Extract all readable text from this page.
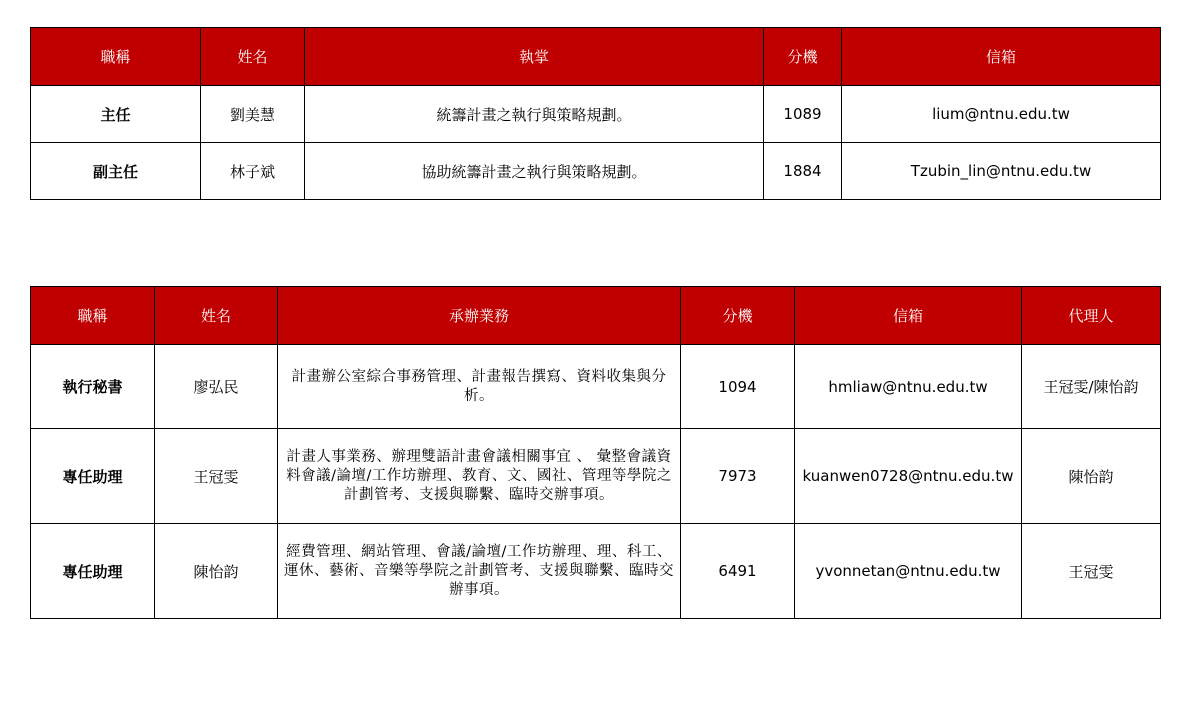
職稱	姓名	執掌	分機	信箱
主任	劉美慧	統籌計畫之執行與策略規劃。	1089	lium@ntnu.edu.tw
副主任	林子斌	協助統籌計畫之執行與策略規劃。	1884	Tzubin_lin@ntnu.edu.tw
職稱	姓名	承辦業務	分機	信箱	代理人
執行秘書	廖弘民	計畫辦公室綜合事務管理、計畫報告撰寫、資料收集與分析。	1094	hmliaw@ntnu.edu.tw	王冠雯/陳怡韵
專任助理	王冠雯	計畫人事業務、辦理雙語計畫會議相關事宜 、 彙整會議資料會議/論壇/工作坊辦理、教育、文、國社、管理等學院之計劃管考、支援與聯繫、臨時交辦事項。	7973	kuanwen0728@ntnu.edu.tw	陳怡韵
專任助理	陳怡韵	經費管理、網站管理、會議/論壇/工作坊辦理、理、科工、運休、藝術、音樂等學院之計劃管考、支援與聯繫、臨時交辦事項。	6491	yvonnetan@ntnu.edu.tw	王冠雯
